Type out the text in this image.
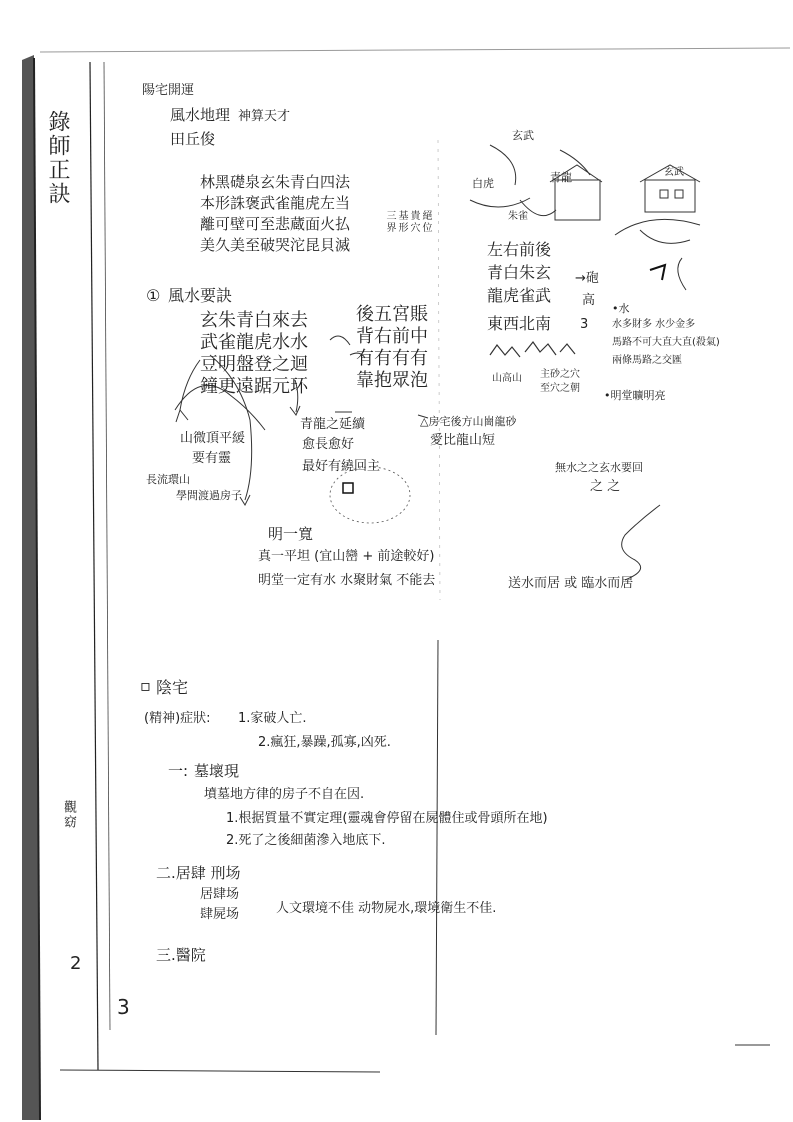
錄師正訣
觀窈
2
3
陽宅開運
風水地理 神算天才
田丘俊
林黑礎泉玄朱青白四法
本形誅褒武雀龍虎左当
離可壁可至悲蔵面火払
美久美至破哭沱昆貝滅
三界 基形 貴穴 絕位
玄武
白虎	青龍
朱雀
玄武
左右前後
青白朱玄
龍虎雀武
東西北南
→砲
高
3
•水
水多財多 水少金多
馬路不可大直大直(殺氣)
兩條馬路之交匯
山高山 主砂之穴
至穴之朝
•明堂曠明亮
① 風水要訣
玄朱青白來去
武雀龍虎水水
豆明盤登之迴
鐘更遠踞元环
後五宮賬
背右前中
有有有有
靠抱眾泡
山微頂平緩
要有靈
長流環山
學問渡過房子
青龍之延續
愈長愈好
最好有繞回主
△房宅後方山崗龍砂
愛比龍山短
無水之之玄水要回
之 之
明一寬
真一平坦 (宜山巒 + 前途較好)
明堂一定有水 水聚財氣 不能去	送水而居 或 臨水而居
▫ 陰宅
(精神)症狀: 1.家破人亡.
2.瘋狂,暴躁,孤寡,凶死.
一: 墓壞現
墳墓地方律的房子不自在因.
1.根据質量不實定理(靈魂會停留在屍體住或骨頭所在地)
2.死了之後細菌滲入地底下.
二.居肆 刑场
居肆场
肆屍场	人文環境不佳 动物屍水,環境衛生不佳.
三.醫院
